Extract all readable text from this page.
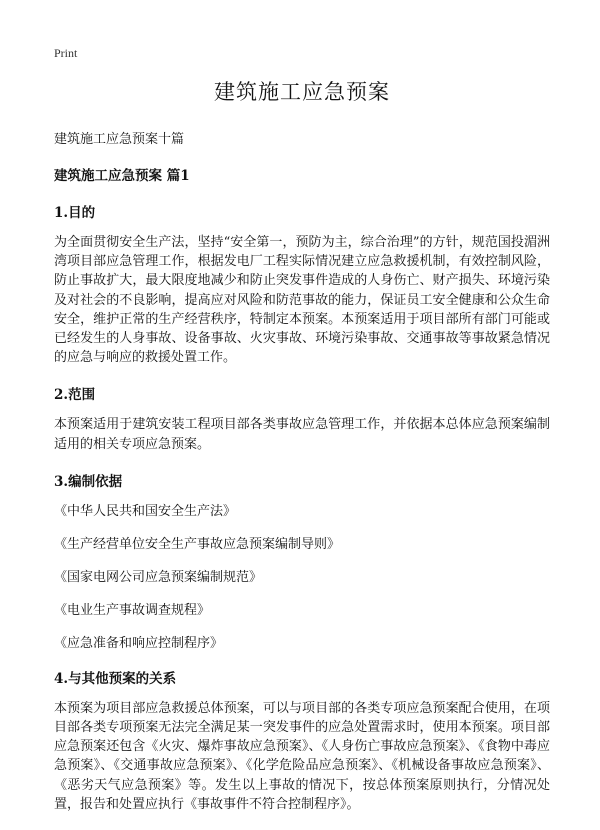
Print
建筑施工应急预案

建筑施工应急预案十篇

建筑施工应急预案 篇1

1.目的

为全面贯彻安全生产法，坚持“安全第一，预防为主，综合治理”的方针，规范国投湄洲湾项目部应急管理工作，根据发电厂工程实际情况建立应急救援机制，有效控制风险，防止事故扩大，最大限度地减少和防止突发事件造成的人身伤亡、财产损失、环境污染及对社会的不良影响，提高应对风险和防范事故的能力，保证员工安全健康和公众生命安全，维护正常的生产经营秩序，特制定本预案。本预案适用于项目部所有部门可能或已经发生的人身事故、设备事故、火灾事故、环境污染事故、交通事故等事故紧急情况的应急与响应的救援处置工作。

2.范围

本预案适用于建筑安装工程项目部各类事故应急管理工作，并依据本总体应急预案编制适用的相关专项应急预案。

3.编制依据

《中华人民共和国安全生产法》
《生产经营单位安全生产事故应急预案编制导则》
《国家电网公司应急预案编制规范》
《电业生产事故调查规程》
《应急准备和响应控制程序》

4.与其他预案的关系

本预案为项目部应急救援总体预案，可以与项目部的各类专项应急预案配合使用，在项目部各类专项预案无法完全满足某一突发事件的应急处置需求时，使用本预案。项目部应急预案还包含《火灾、爆炸事故应急预案》、《人身伤亡事故应急预案》、《食物中毒应急预案》、《交通事故应急预案》、《化学危险品应急预案》、《机械设备事故应急预案》、《恶劣天气应急预案》等。发生以上事故的情况下，按总体预案原则执行，分情况处置，报告和处置应执行《事故事件不符合控制程序》。
